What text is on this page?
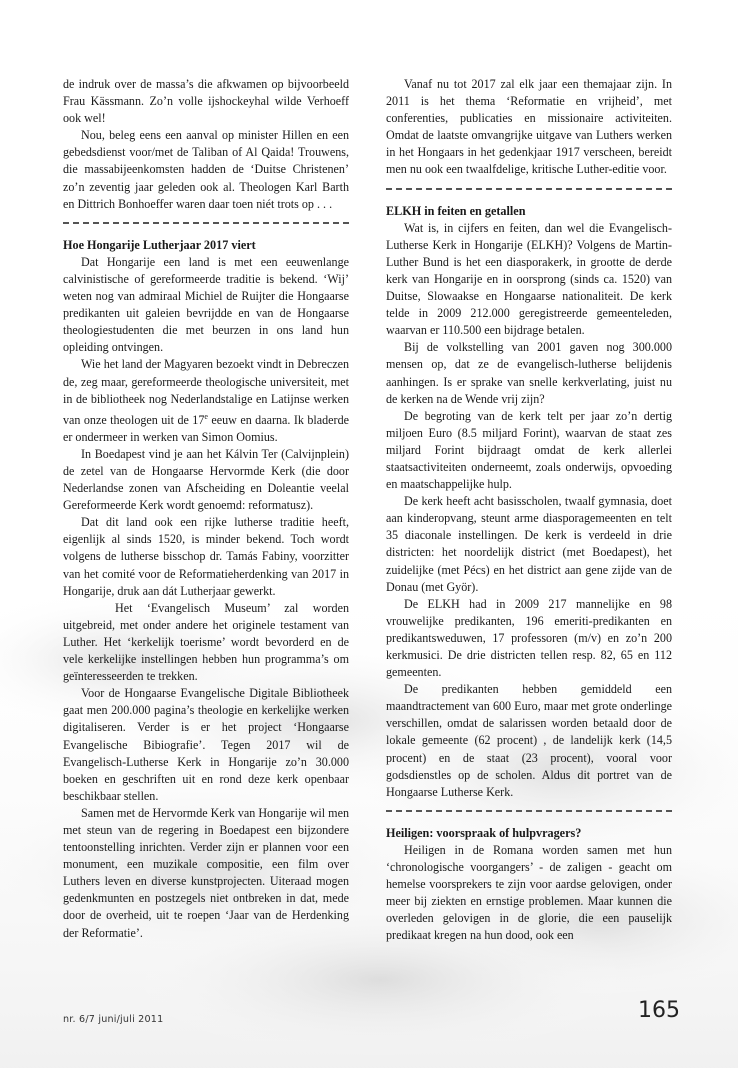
de indruk over de massa’s die afkwamen op bijvoorbeeld Frau Kässmann. Zo’n volle ijshockeyhal wilde Verhoeff ook wel!

Nou, beleg eens een aanval op minister Hillen en een gebedsdienst voor/met de Taliban of Al Qaida! Trouwens, die massabijeenkomsten hadden de ‘Duitse Christenen’ zo’n zeventig jaar geleden ook al. Theologen Karl Barth en Dittrich Bonhoeffer waren daar toen niét trots op . . .

Hoe Hongarije Lutherjaar 2017 viert

Dat Hongarije een land is met een eeuwenlange calvinistische of gereformeerde traditie is bekend. ‘Wij’ weten nog van admiraal Michiel de Ruijter die Hongaarse predikanten uit galeien bevrijdde en van de Hongaarse theologiestudenten die met beurzen in ons land hun opleiding ontvingen.

Wie het land der Magyaren bezoekt vindt in Debreczen de, zeg maar, gereformeerde theologische universiteit, met in de bibliotheek nog Nederlandstalige en Latijnse werken van onze theologen uit de 17e eeuw en daarna. Ik bladerde er ondermeer in werken van Simon Oomius.

In Boedapest vind je aan het Kálvin Ter (Calvijnplein) de zetel van de Hongaarse Hervormde Kerk (die door Nederlandse zonen van Afscheiding en Doleantie veelal Gereformeerde Kerk wordt genoemd: reformatusz).

Dat dit land ook een rijke lutherse traditie heeft, eigenlijk al sinds 1520, is minder bekend. Toch wordt volgens de lutherse bisschop dr. Tamás Fabiny, voorzitter van het comité voor de Reformatieherdenking van 2017 in Hongarije, druk aan dát Lutherjaar gewerkt.

Het ‘Evangelisch Museum’ zal worden uitgebreid, met onder andere het originele testament van Luther. Het ‘kerkelijk toerisme’ wordt bevorderd en de vele kerkelijke instellingen hebben hun programma’s om geïnteresseerden te trekken.

Voor de Hongaarse Evangelische Digitale Bibliotheek gaat men 200.000 pagina’s theologie en kerkelijke werken digitaliseren. Verder is er het project ‘Hongaarse Evangelische Bibiografie’. Tegen 2017 wil de Evangelisch-Lutherse Kerk in Hongarije zo’n 30.000 boeken en geschriften uit en rond deze kerk openbaar beschikbaar stellen.

Samen met de Hervormde Kerk van Hongarije wil men met steun van de regering in Boedapest een bijzondere tentoonstelling inrichten. Verder zijn er plannen voor een monument, een muzikale compositie, een film over Luthers leven en diverse kunstprojecten. Uiteraad mogen gedenkmunten en postzegels niet ontbreken in dat, mede door de overheid, uit te roepen ‘Jaar van de Herdenking der Reformatie’.

Vanaf nu tot 2017 zal elk jaar een themajaar zijn. In 2011 is het thema ‘Reformatie en vrijheid’, met conferenties, publicaties en missionaire activiteiten. Omdat de laatste omvangrijke uitgave van Luthers werken in het Hongaars in het gedenkjaar 1917 verscheen, bereidt men nu ook een twaalfdelige, kritische Luther-editie voor.

ELKH in feiten en getallen

Wat is, in cijfers en feiten, dan wel die Evangelisch-Lutherse Kerk in Hongarije (ELKH)? Volgens de Martin-Luther Bund is het een diasporakerk, in grootte de derde kerk van Hongarije en in oorsprong (sinds ca. 1520) van Duitse, Slowaakse en Hongaarse nationaliteit. De kerk telde in 2009 212.000 geregistreerde gemeenteleden, waarvan er 110.500 een bijdrage betalen.

Bij de volkstelling van 2001 gaven nog 300.000 mensen op, dat ze de evangelisch-lutherse belijdenis aanhingen. Is er sprake van snelle kerkverlating, juist nu de kerken na de Wende vrij zijn?

De begroting van de kerk telt per jaar zo’n dertig miljoen Euro (8.5 miljard Forint), waarvan de staat zes miljard Forint bijdraagt omdat de kerk allerlei staatsactiviteiten onderneemt, zoals onderwijs, opvoeding en maatschappelijke hulp.

De kerk heeft acht basisscholen, twaalf gymnasia, doet aan kinderopvang, steunt arme diasporagemeenten en telt 35 diaconale instellingen. De kerk is verdeeld in drie districten: het noordelijk district (met Boedapest), het zuidelijke (met Pécs) en het district aan gene zijde van de Donau (met Györ).

De ELKH had in 2009 217 mannelijke en 98 vrouwelijke predikanten, 196 emeriti-predikanten en predikantsweduwen, 17 professoren (m/v) en zo’n 200 kerkmusici. De drie districten tellen resp. 82, 65 en 112 gemeenten.

De predikanten hebben gemiddeld een maandtractement van 600 Euro, maar met grote onderlinge verschillen, omdat de salarissen worden betaald door de lokale gemeente (62 procent) , de landelijk kerk (14,5 procent) en de staat (23 procent), vooral voor godsdienstles op de scholen. Aldus dit portret van de Hongaarse Lutherse Kerk.

Heiligen: voorspraak of hulpvragers?

Heiligen in de Romana worden samen met hun ‘chronologische voorgangers’ - de zaligen - geacht om hemelse voorsprekers te zijn voor aardse gelovigen, onder meer bij ziekten en ernstige problemen. Maar kunnen die overleden gelovigen in de glorie, die een pauselijk predikaat kregen na hun dood, ook een

nr. 6/7 juni/juli 2011	165
